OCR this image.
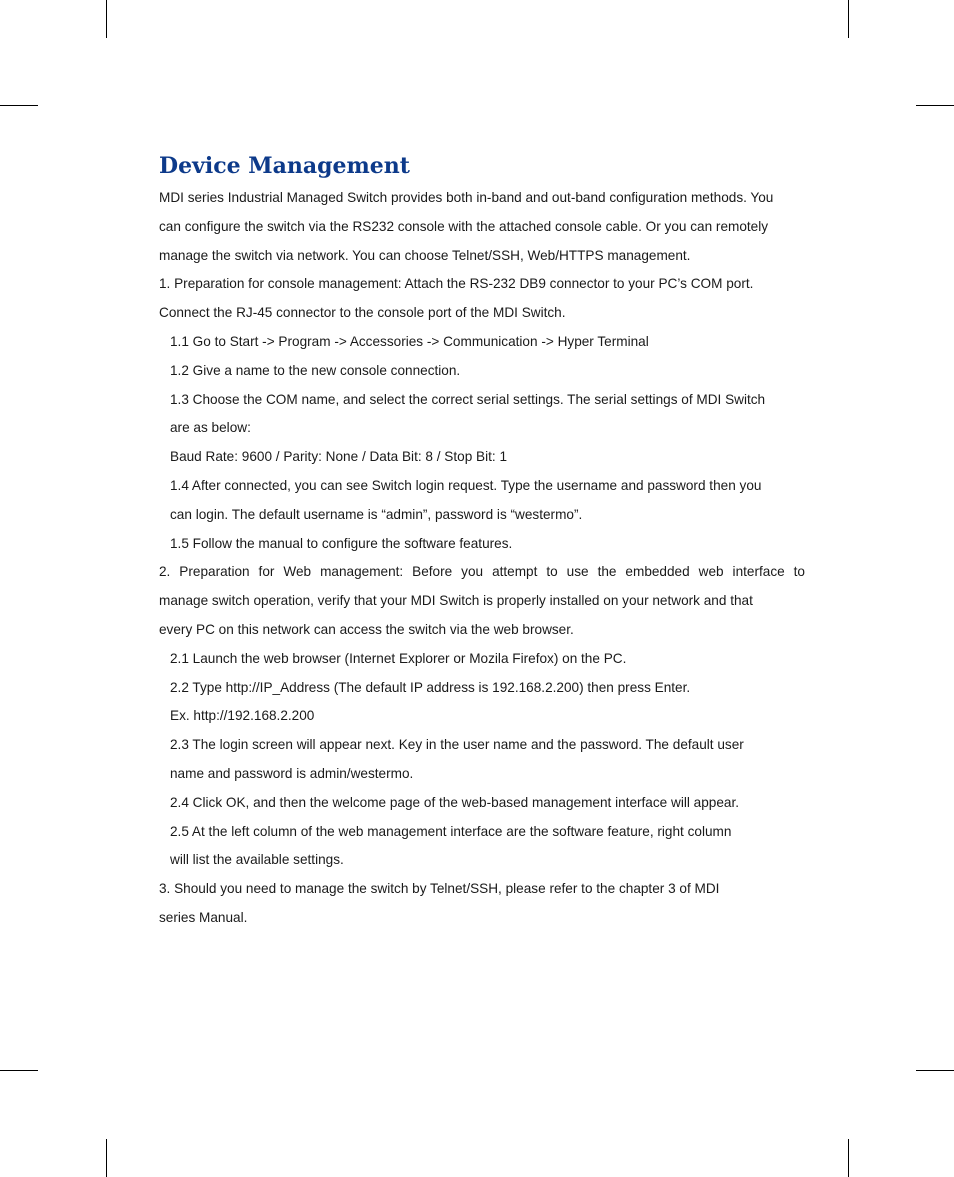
Device Management
MDI series Industrial Managed Switch provides both in-band and out-band configuration methods. You
can configure the switch via the RS232 console with the attached console cable. Or you can remotely
manage the switch via network. You can choose Telnet/SSH, Web/HTTPS management.
1. Preparation for console management: Attach the RS-232 DB9 connector to your PC’s COM port.
Connect the RJ-45 connector to the console port of the MDI Switch.
1.1 Go to Start -> Program -> Accessories -> Communication -> Hyper Terminal
1.2 Give a name to the new console connection.
1.3 Choose the COM name, and select the correct serial settings. The serial settings of MDI Switch
are as below:
Baud Rate: 9600 / Parity: None / Data Bit: 8 / Stop Bit: 1
1.4 After connected, you can see Switch login request. Type the username and password then you
can login. The default username is “admin”, password is “westermo”.
1.5 Follow the manual to configure the software features.
2. Preparation for Web management: Before you attempt to use the embedded web interface to
manage switch operation, verify that your MDI Switch is properly installed on your network and that
every PC on this network can access the switch via the web browser.
2.1 Launch the web browser (Internet Explorer or Mozila Firefox) on the PC.
2.2 Type http://IP_Address (The default IP address is 192.168.2.200) then press Enter.
Ex. http://192.168.2.200
2.3 The login screen will appear next. Key in the user name and the password. The default user
name and password is admin/westermo.
2.4 Click OK, and then the welcome page of the web-based management interface will appear.
2.5 At the left column of the web management interface are the software feature, right column
will list the available settings.
3. Should you need to manage the switch by Telnet/SSH, please refer to the chapter 3 of MDI
series Manual.
